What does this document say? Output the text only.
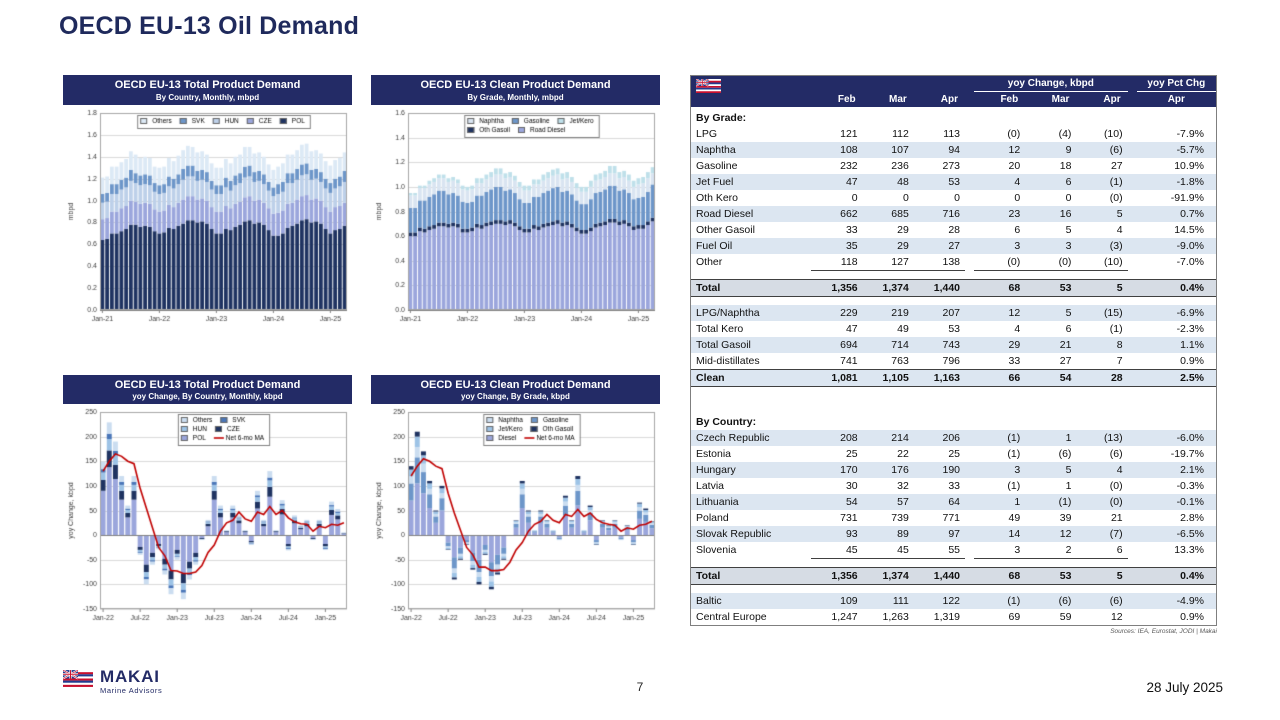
OECD EU-13 Oil Demand
OECD EU-13 Total Product Demand
By Country, Monthly, mbpd
OECD EU-13 Clean Product Demand
By Grade, Monthly, mbpd
OECD EU-13 Total Product Demand
yoy Change, By Country, Monthly, kbpd
OECD EU-13 Clean Product Demand
yoy Change, By Grade, kbpd
			yoy Change, kbpd				yoy Pct Chg
	Feb	Mar	Apr		Feb	Mar	Apr		Apr
By Grade:									
LPG	121	112	113		(0)	(4)	(10)		-7.9%
Naphtha	108	107	94		12	9	(6)		-5.7%
Gasoline	232	236	273		20	18	27		10.9%
Jet Fuel	47	48	53		4	6	(1)		-1.8%
Oth Kero	0	0	0		0	0	(0)		-91.9%
Road Diesel	662	685	716		23	16	5		0.7%
Other Gasoil	33	29	28		6	5	4		14.5%
Fuel Oil	35	29	27		3	3	(3)		-9.0%
Other	118	127	138		(0)	(0)	(10)		-7.0%

Total	1,356	1,374	1,440		68	53	5		0.4%

LPG/Naphtha	229	219	207		12	5	(15)		-6.9%
Total Kero	47	49	53		4	6	(1)		-2.3%
Total Gasoil	694	714	743		29	21	8		1.1%
Mid-distillates	741	763	796		33	27	7		0.9%
Clean	1,081	1,105	1,163		66	54	28		2.5%

By Country:									
Czech Republic	208	214	206		(1)	1	(13)		-6.0%
Estonia	25	22	25		(1)	(6)	(6)		-19.7%
Hungary	170	176	190		3	5	4		2.1%
Latvia	30	32	33		(1)	1	(0)		-0.3%
Lithuania	54	57	64		1	(1)	(0)		-0.1%
Poland	731	739	771		49	39	21		2.8%
Slovak Republic	93	89	97		14	12	(7)		-6.5%
Slovenia	45	45	55		3	2	6		13.3%

Total	1,356	1,374	1,440		68	53	5		0.4%

Baltic	109	111	122		(1)	(6)	(6)		-4.9%
Central Europe	1,247	1,263	1,319		69	59	12		0.9%
Sources: IEA, Eurostat, JODI | Makai
MAKAI
Marine Advisors	7	28 July 2025
